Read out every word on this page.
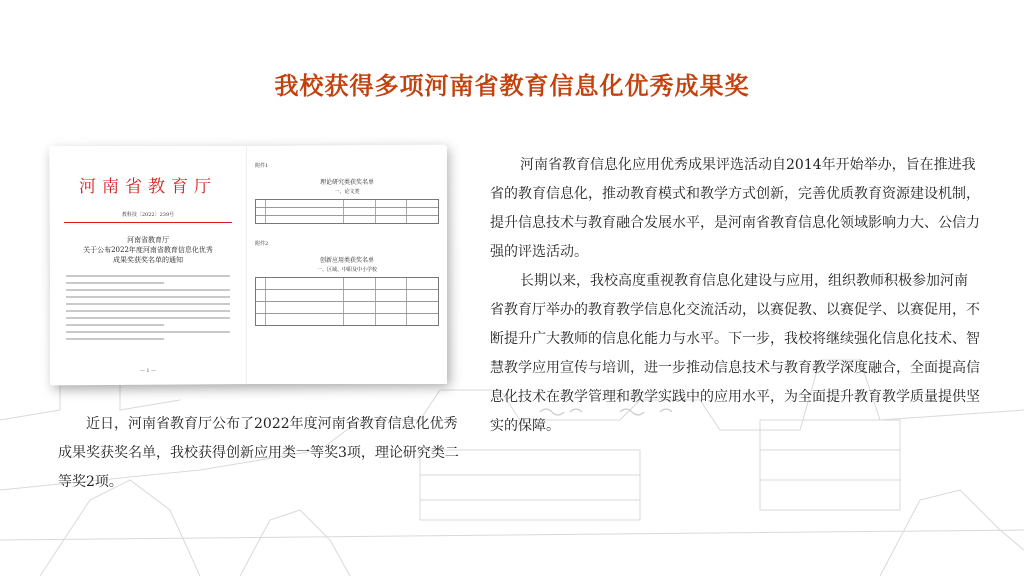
我校获得多项河南省教育信息化优秀成果奖
河南省教育厅
教科技〔2022〕239号
河南省教育厅
关于公布2022年度河南省教育信息化优秀
成果奖获奖名单的通知
— 1 —
附件1
理论研究类获奖名单
一、论文类
附件2
创新应用类获奖名单
一、区域、中职及中小学校

近日，河南省教育厅公布了2022年度河南省教育信息化优秀成果奖获奖名单，我校获得创新应用类一等奖3项，理论研究类二等奖2项。

河南省教育信息化应用优秀成果评选活动自2014年开始举办，旨在推进我省的教育信息化，推动教育模式和教学方式创新，完善优质教育资源建设机制，提升信息技术与教育融合发展水平，是河南省教育信息化领域影响力大、公信力强的评选活动。

长期以来，我校高度重视教育信息化建设与应用，组织教师积极参加河南省教育厅举办的教育教学信息化交流活动，以赛促教、以赛促学、以赛促用，不断提升广大教师的信息化能力与水平。下一步，我校将继续强化信息化技术、智慧教学应用宣传与培训，进一步推动信息技术与教育教学深度融合，全面提高信息化技术在教学管理和教学实践中的应用水平，为全面提升教育教学质量提供坚实的保障。
